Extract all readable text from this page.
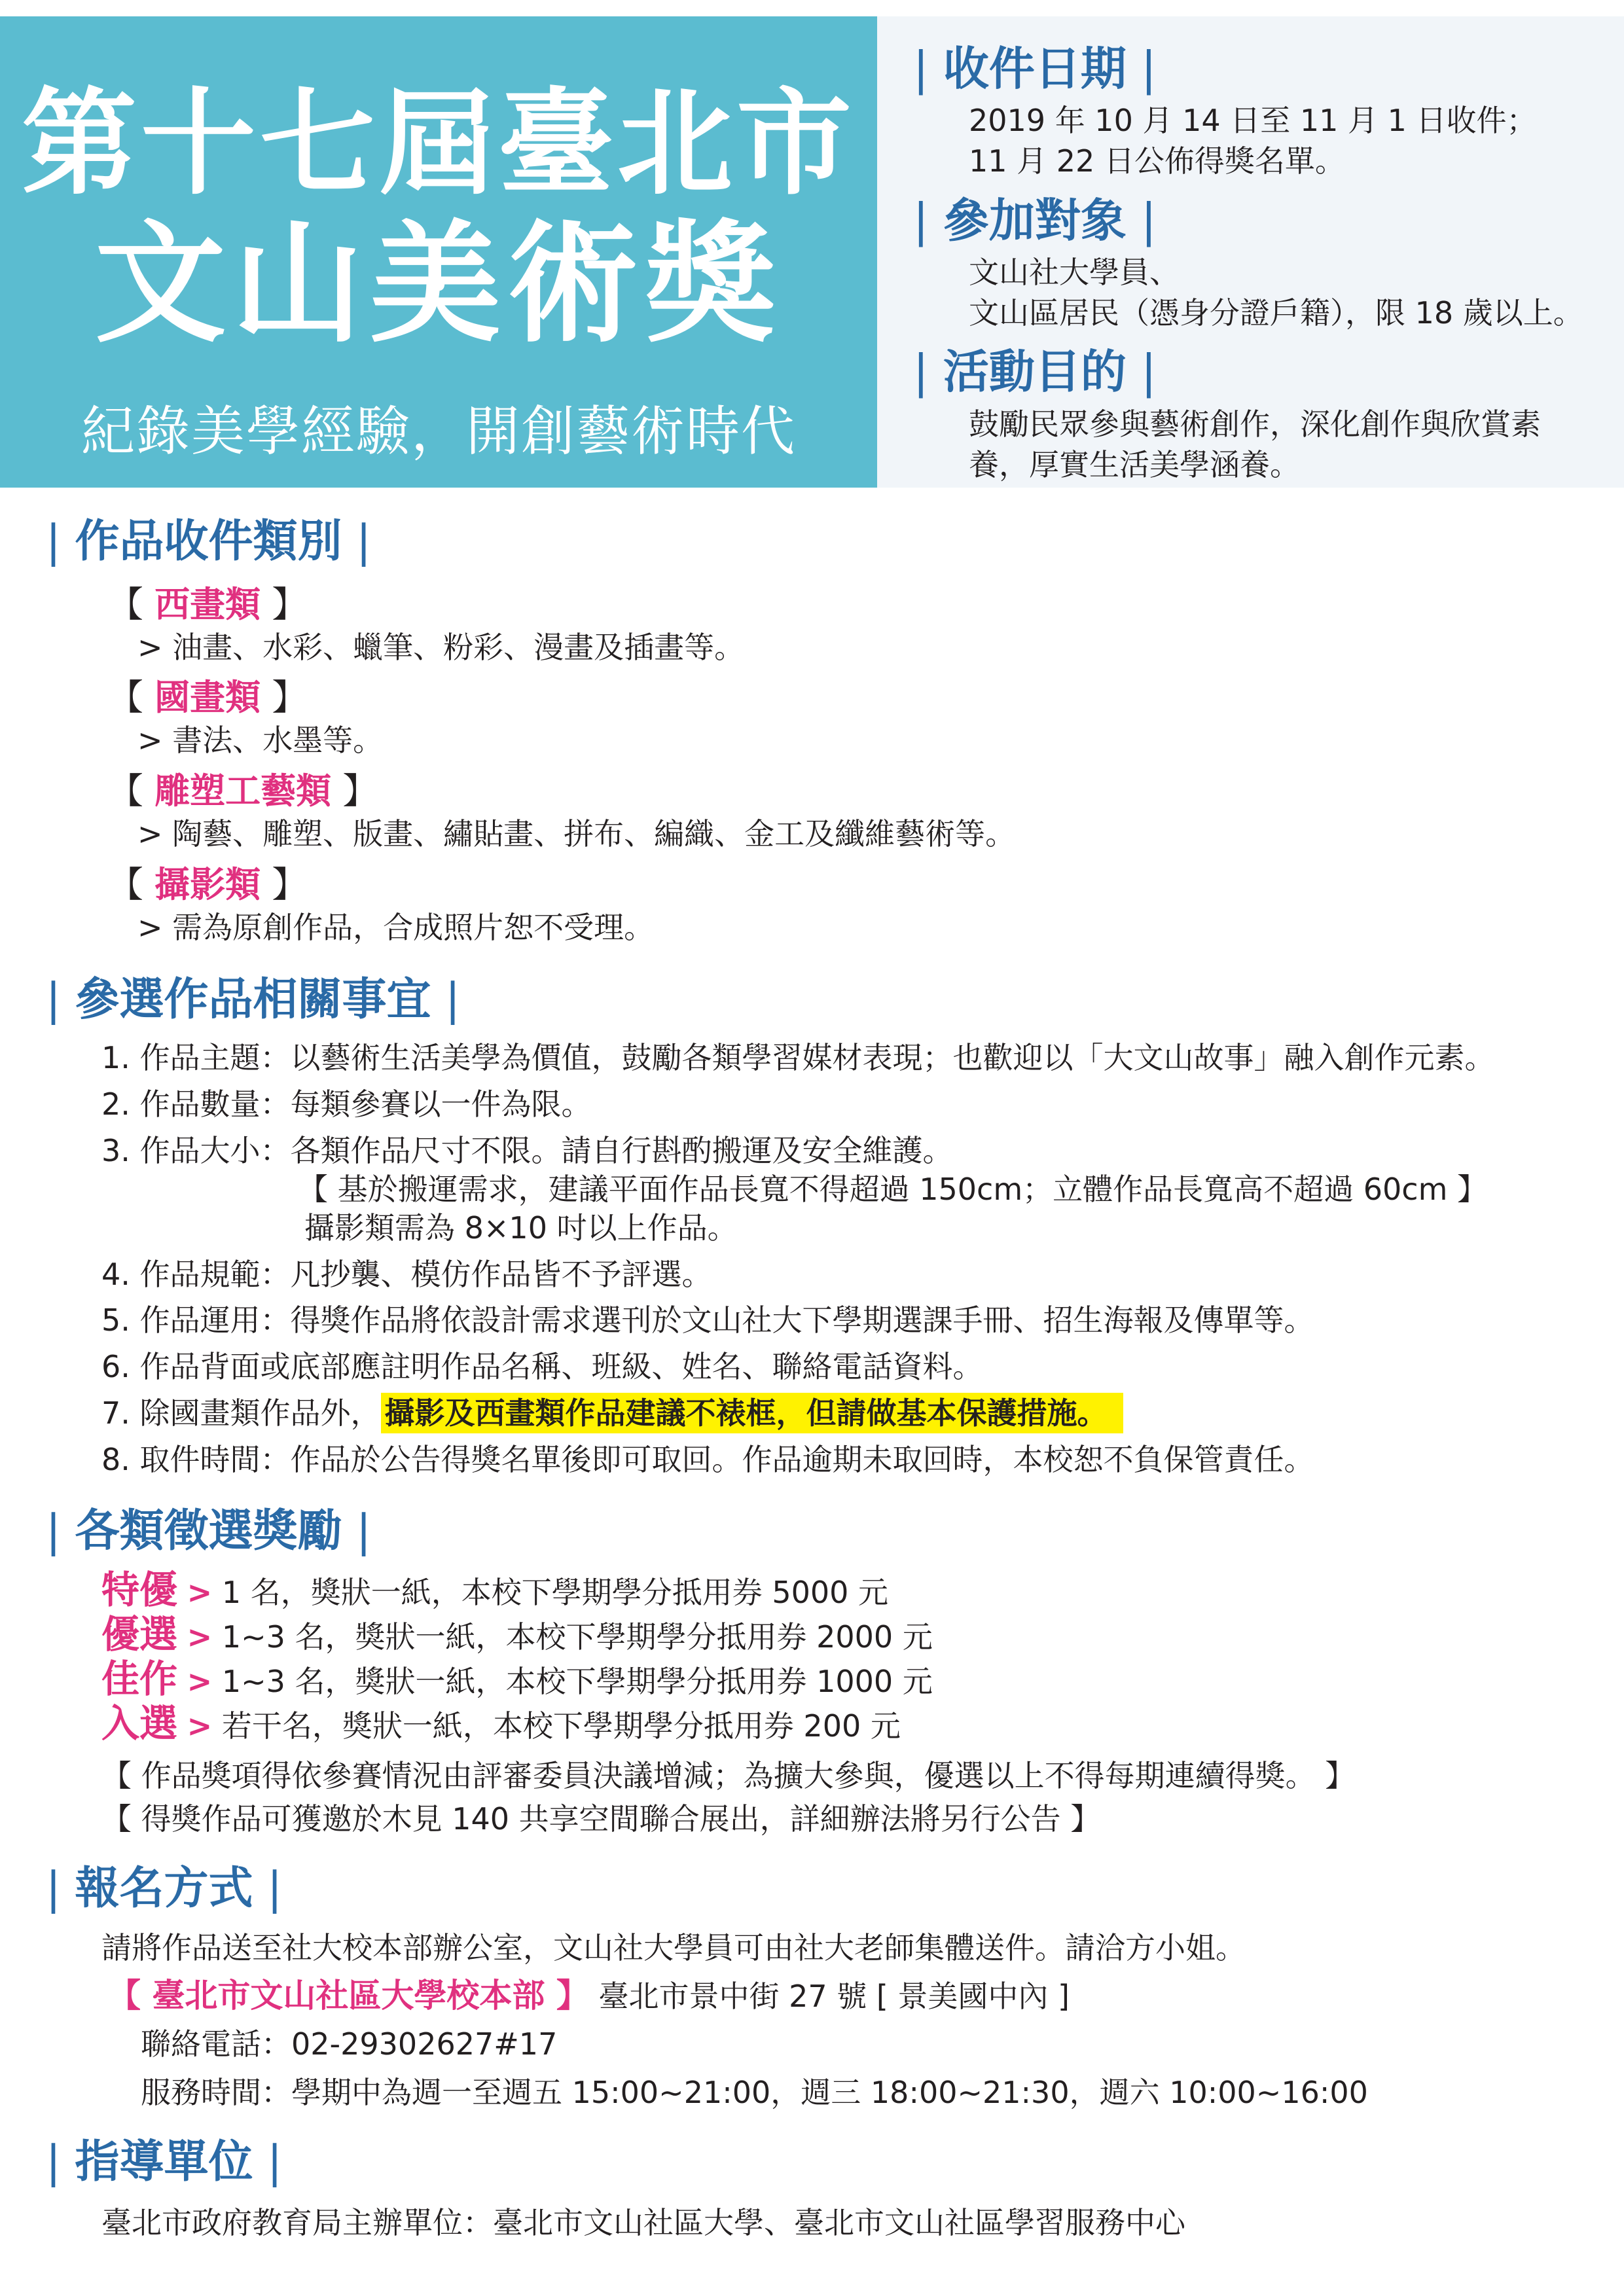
第十七屆臺北市
文山美術獎
紀錄美學經驗，開創藝術時代
| 收件日期 |
2019 年 10 月 14 日至 11 月 1 日收件；
11 月 22 日公佈得獎名單。
| 參加對象 |
文山社大學員、
文山區居民（憑身分證戶籍），限 18 歲以上。
| 活動目的 |
鼓勵民眾參與藝術創作，深化創作與欣賞素
養，厚實生活美學涵養。
| 作品收件類別 |
【 西畫類 】
> 油畫、水彩、蠟筆、粉彩、漫畫及插畫等。
【 國畫類 】
> 書法、水墨等。
【 雕塑工藝類 】
> 陶藝、雕塑、版畫、繡貼畫、拼布、編織、金工及纖維藝術等。
【 攝影類 】
> 需為原創作品，合成照片恕不受理。
| 參選作品相關事宜 |
1. 作品主題：以藝術生活美學為價值，鼓勵各類學習媒材表現；也歡迎以「大文山故事」融入創作元素。
2. 作品數量：每類參賽以一件為限。
3. 作品大小：各類作品尺寸不限。請自行斟酌搬運及安全維護。
【 基於搬運需求，建議平面作品長寬不得超過 150cm；立體作品長寬高不超過 60cm 】
攝影類需為 8×10 吋以上作品。
4. 作品規範：凡抄襲、模仿作品皆不予評選。
5. 作品運用：得獎作品將依設計需求選刊於文山社大下學期選課手冊、招生海報及傳單等。
6. 作品背面或底部應註明作品名稱、班級、姓名、聯絡電話資料。
7. 除國畫類作品外， 攝影及西畫類作品建議不裱框，但請做基本保護措施。
8. 取件時間：作品於公告得獎名單後即可取回。作品逾期未取回時，本校恕不負保管責任。
| 各類徵選獎勵 |
特優 > 1 名，獎狀一紙，本校下學期學分抵用券 5000 元
優選 > 1~3 名，獎狀一紙，本校下學期學分抵用券 2000 元
佳作 > 1~3 名，獎狀一紙，本校下學期學分抵用券 1000 元
入選 > 若干名，獎狀一紙，本校下學期學分抵用券 200 元
【 作品獎項得依參賽情況由評審委員決議增減；為擴大參與，優選以上不得每期連續得獎。 】
【 得獎作品可獲邀於木見 140 共享空間聯合展出，詳細辦法將另行公告 】
| 報名方式 |
請將作品送至社大校本部辦公室，文山社大學員可由社大老師集體送件。請洽方小姐。
【 臺北市文山社區大學校本部 】 臺北市景中街 27 號 [ 景美國中內 ]
聯絡電話：02-29302627#17
服務時間：學期中為週一至週五 15:00~21:00，週三 18:00~21:30，週六 10:00~16:00
| 指導單位 |
臺北市政府教育局主辦單位：臺北市文山社區大學、臺北市文山社區學習服務中心
